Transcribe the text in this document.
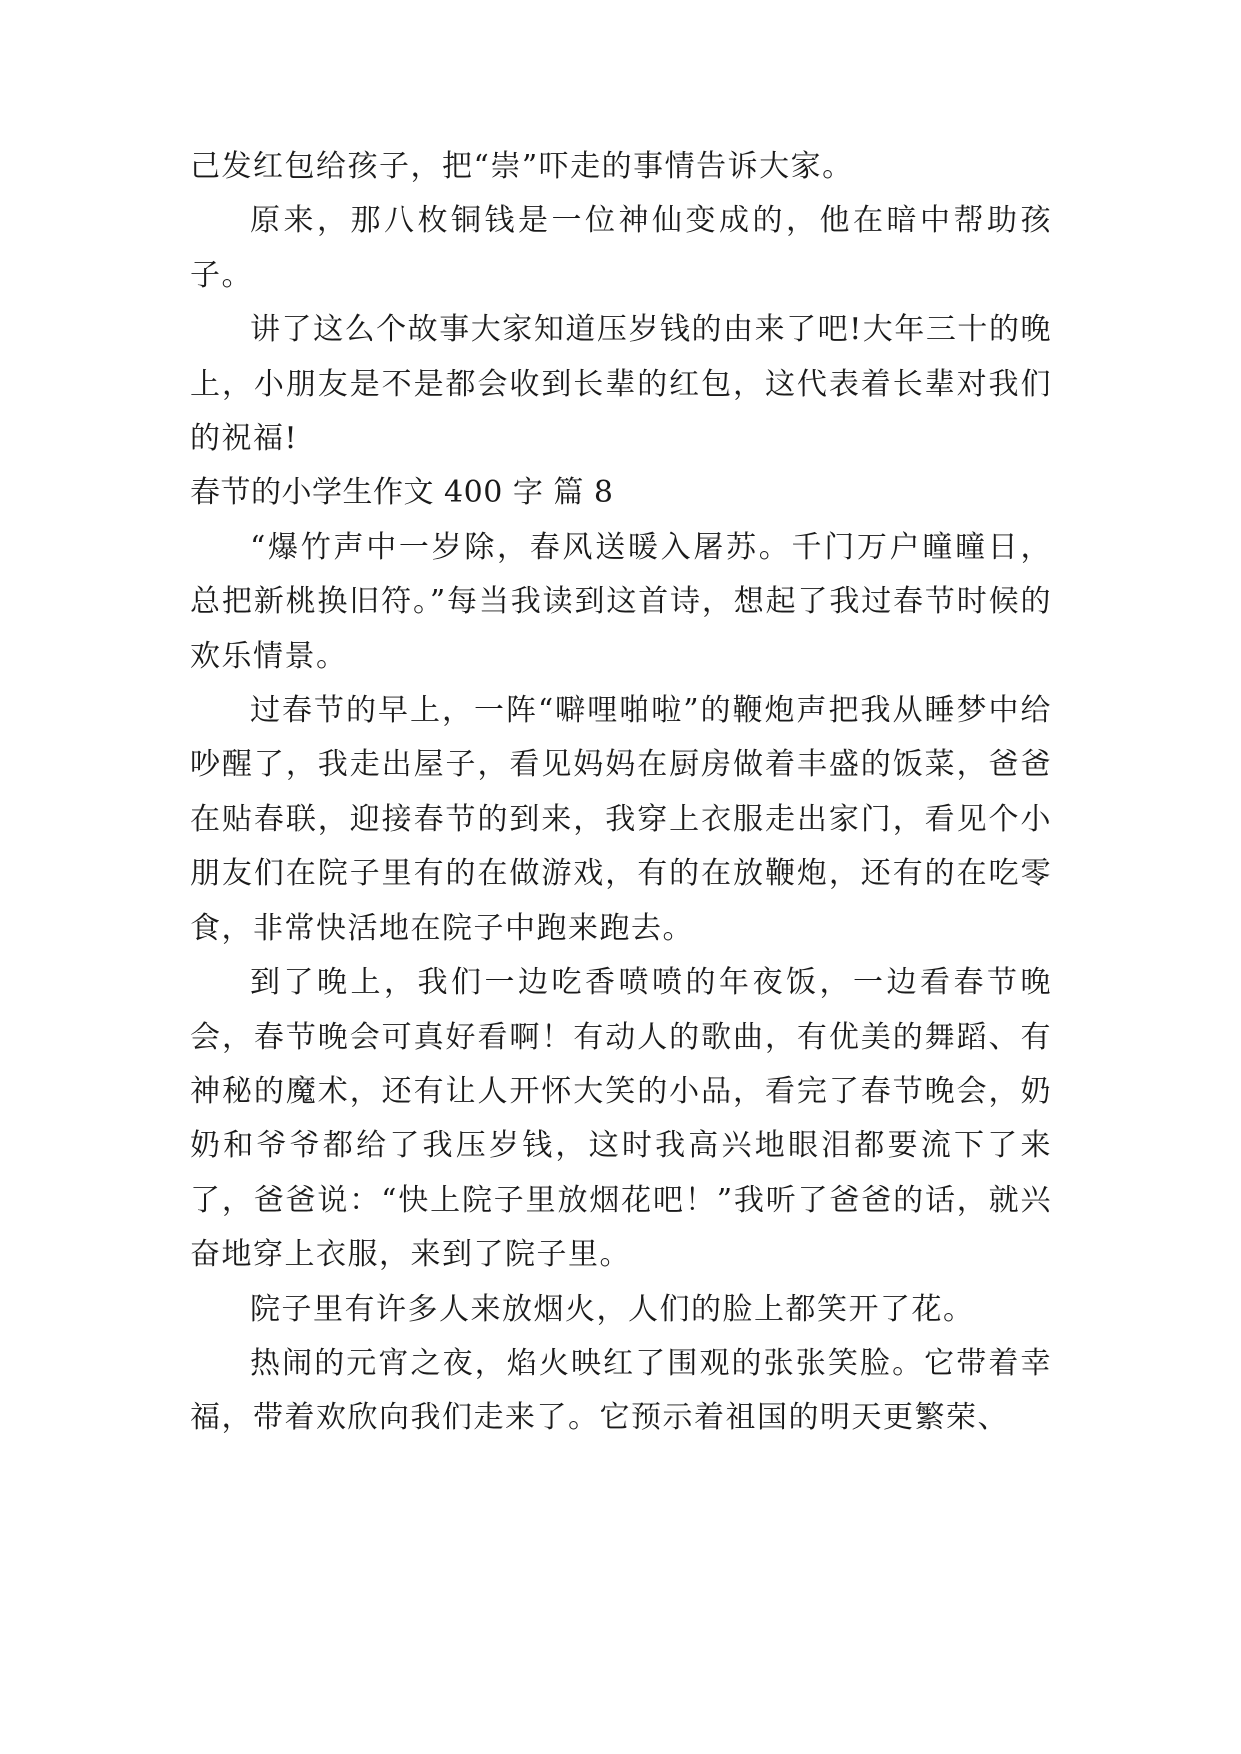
己发红包给孩子，把“崇”吓走的事情告诉大家。

原来，那八枚铜钱是一位神仙变成的，他在暗中帮助孩子。

讲了这么个故事大家知道压岁钱的由来了吧!大年三十的晚上，小朋友是不是都会收到长辈的红包，这代表着长辈对我们的祝福!

春节的小学生作文 400 字 篇 8

“爆竹声中一岁除，春风送暖入屠苏。千门万户曈曈日，总把新桃换旧符。”每当我读到这首诗，想起了我过春节时候的欢乐情景。

过春节的早上，一阵“噼哩啪啦”的鞭炮声把我从睡梦中给吵醒了，我走出屋子，看见妈妈在厨房做着丰盛的饭菜，爸爸在贴春联，迎接春节的到来，我穿上衣服走出家门，看见个小朋友们在院子里有的在做游戏，有的在放鞭炮，还有的在吃零食，非常快活地在院子中跑来跑去。

到了晚上，我们一边吃香喷喷的年夜饭，一边看春节晚会，春节晚会可真好看啊！有动人的歌曲，有优美的舞蹈、有神秘的魔术，还有让人开怀大笑的小品，看完了春节晚会，奶奶和爷爷都给了我压岁钱，这时我高兴地眼泪都要流下了来了，爸爸说：“快上院子里放烟花吧！”我听了爸爸的话，就兴奋地穿上衣服，来到了院子里。

院子里有许多人来放烟火，人们的脸上都笑开了花。

热闹的元宵之夜，焰火映红了围观的张张笑脸。它带着幸福，带着欢欣向我们走来了。它预示着祖国的明天更繁荣、
